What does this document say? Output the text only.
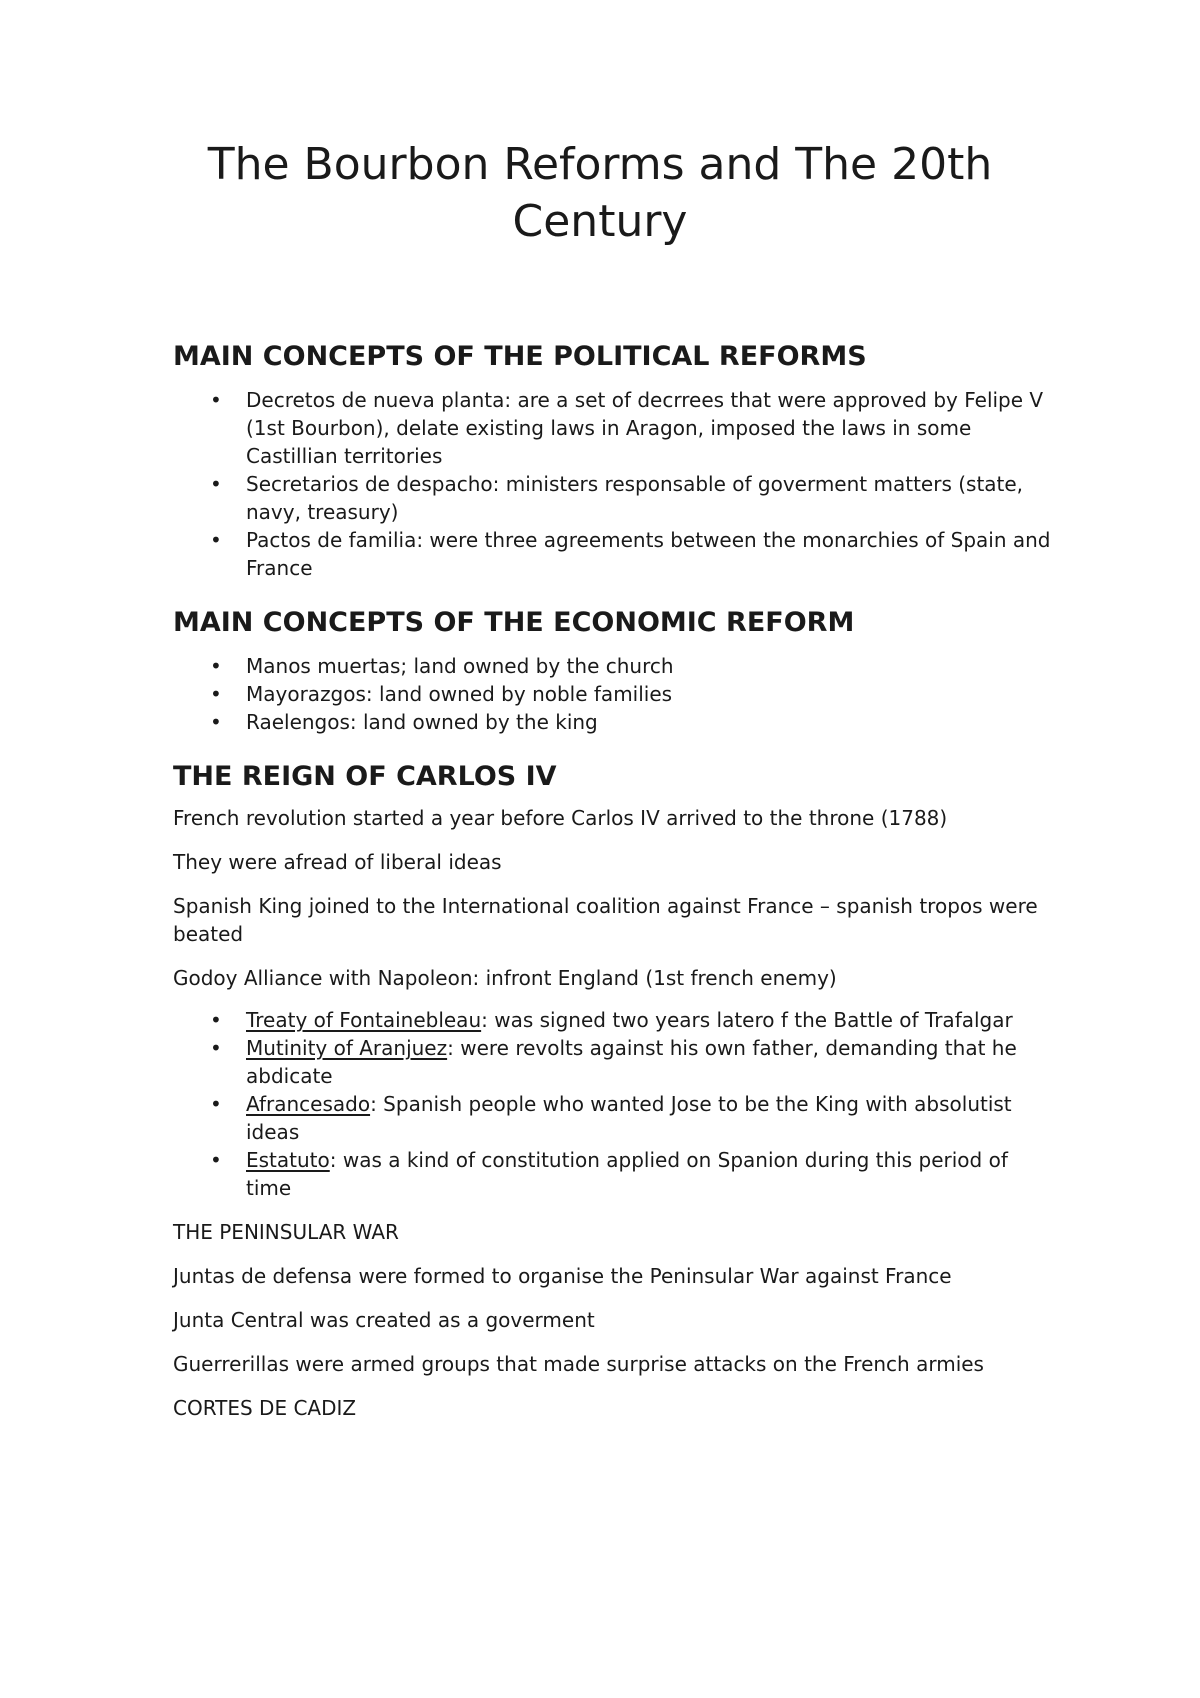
The Bourbon Reforms and The 20th
Century
MAIN CONCEPTS OF THE POLITICAL REFORMS
• Decretos de nueva planta: are a set of decrrees that were approved by Felipe V (1st Bourbon), delate existing laws in Aragon, imposed the laws in some Castillian territories
• Secretarios de despacho: ministers responsable of goverment matters (state, navy, treasury)
• Pactos de familia: were three agreements between the monarchies of Spain and France
MAIN CONCEPTS OF THE ECONOMIC REFORM
• Manos muertas; land owned by the church
• Mayorazgos: land owned by noble families
• Raelengos: land owned by the king
THE REIGN OF CARLOS IV

French revolution started a year before Carlos IV arrived to the throne (1788)

They were afread of liberal ideas

Spanish King joined to the International coalition against France – spanish tropos were beated

Godoy Alliance with Napoleon: infront England (1st french enemy)

• Treaty of Fontainebleau: was signed two years latero f the Battle of Trafalgar
• Mutinity of Aranjuez: were revolts against his own father, demanding that he abdicate
• Afrancesado: Spanish people who wanted Jose to be the King with absolutist ideas
• Estatuto: was a kind of constitution applied on Spanion during this period of time
THE PENINSULAR WAR

Juntas de defensa were formed to organise the Peninsular War against France

Junta Central was created as a goverment

Guerrerillas were armed groups that made surprise attacks on the French armies

CORTES DE CADIZ
